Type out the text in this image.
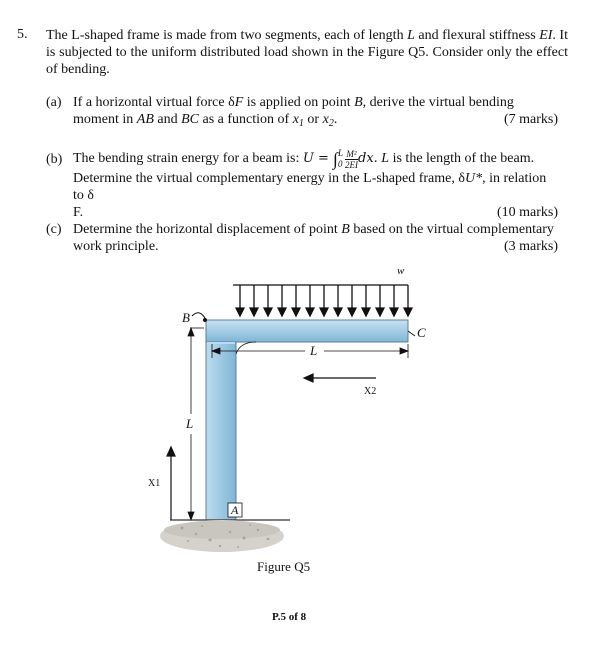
5. The L-shaped frame is made from two segments, each of length L and flexural stiffness EI. It is subjected to the uniform distributed load shown in the Figure Q5. Consider only the effect of bending.
(a) If a horizontal virtual force δF is applied on point B, derive the virtual bending moment in AB and BC as a function of $x_1$ or $x_2$.	(7 marks)
(b) The bending strain energy for a beam is: U = ∫ L
$0 \frac{\text{M²}}{2EI}$ dx. L is the length of the beam.
Determine the virtual complementary energy in the L-shaped frame, δU*, in relation to δ
F.	(10 marks)
(c) Determine the horizontal displacement of point B based on the virtual complementary work principle.	(3 marks)
w
B
C
L
X2
L
X1
A
Figure Q5
P.5 of 8
